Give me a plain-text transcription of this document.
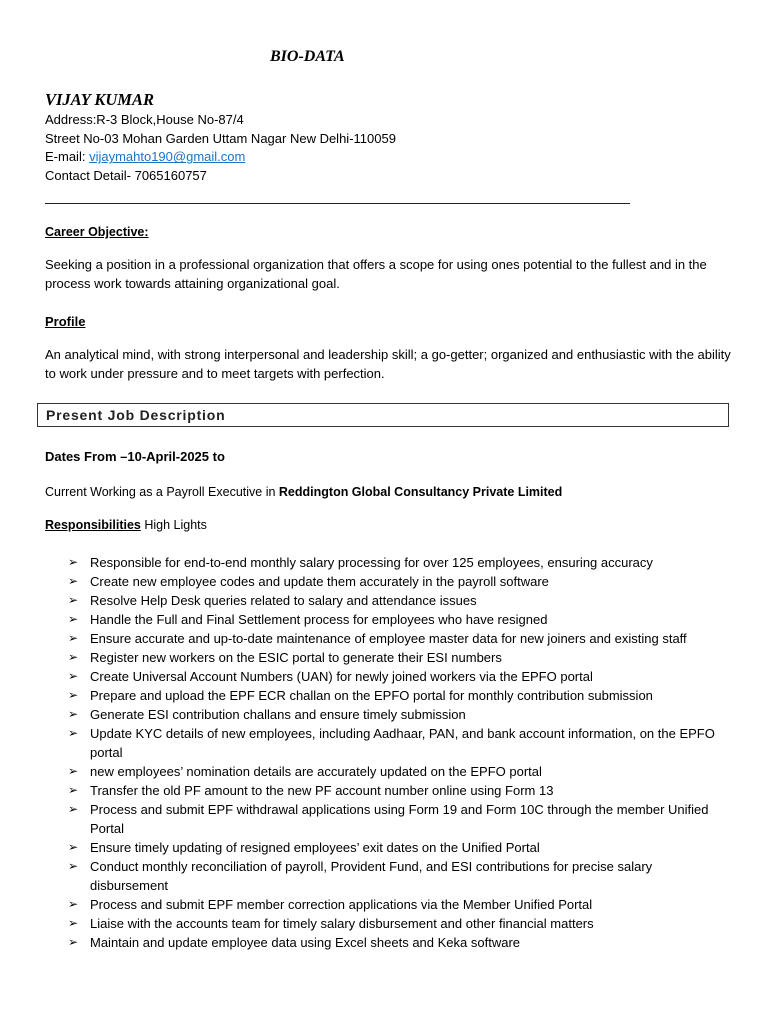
BIO-DATA
VIJAY KUMAR
Address:R-3 Block,House No-87/4
Street No-03 Mohan Garden Uttam Nagar New Delhi-110059
E-mail: vijaymahto190@gmail.com
Contact Detail- 7065160757
Career Objective:
Seeking a position in a professional organization that offers a scope for using ones potential to the fullest and in the process work towards attaining organizational goal.
Profile
An analytical mind, with strong interpersonal and leadership skill; a go-getter; organized and enthusiastic with the ability to work under pressure and to meet targets with perfection.
Present Job Description
Dates From –10-April-2025 to
Current Working as a Payroll Executive in Reddington Global Consultancy Private Limited
Responsibilities High Lights
➢ Responsible for end-to-end monthly salary processing for over 125 employees, ensuring accuracy
➢ Create new employee codes and update them accurately in the payroll software
➢ Resolve Help Desk queries related to salary and attendance issues
➢ Handle the Full and Final Settlement process for employees who have resigned
➢ Ensure accurate and up-to-date maintenance of employee master data for new joiners and existing staff
➢ Register new workers on the ESIC portal to generate their ESI numbers
➢ Create Universal Account Numbers (UAN) for newly joined workers via the EPFO portal
➢ Prepare and upload the EPF ECR challan on the EPFO portal for monthly contribution submission
➢ Generate ESI contribution challans and ensure timely submission
➢ Update KYC details of new employees, including Aadhaar, PAN, and bank account information, on the EPFO portal
➢ new employees’ nomination details are accurately updated on the EPFO portal
➢ Transfer the old PF amount to the new PF account number online using Form 13
➢ Process and submit EPF withdrawal applications using Form 19 and Form 10C through the member Unified Portal
➢ Ensure timely updating of resigned employees’ exit dates on the Unified Portal
➢ Conduct monthly reconciliation of payroll, Provident Fund, and ESI contributions for precise salary disbursement
➢ Process and submit EPF member correction applications via the Member Unified Portal
➢ Liaise with the accounts team for timely salary disbursement and other financial matters
➢ Maintain and update employee data using Excel sheets and Keka software
